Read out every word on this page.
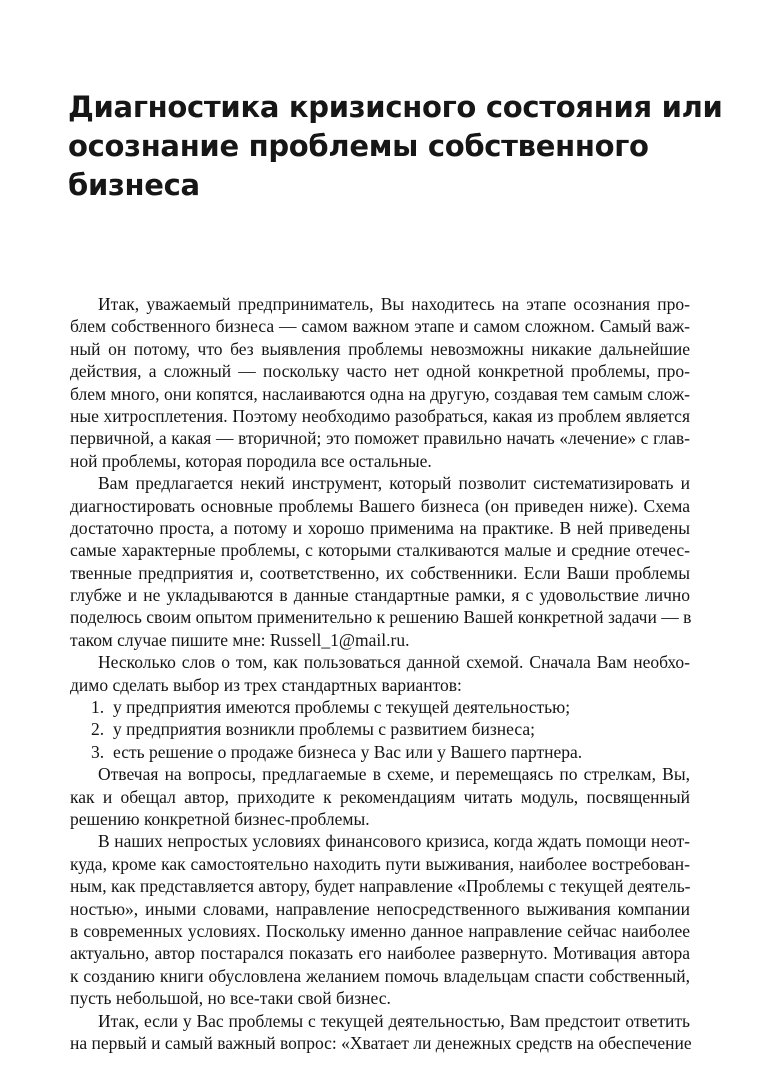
Диагностика кризисного состояния или
осознание проблемы собственного
бизнеса
Итак, уважаемый предприниматель, Вы находитесь на этапе осознания про-
блем собственного бизнеса — самом важном этапе и самом сложном. Самый важ-
ный он потому, что без выявления проблемы невозможны никакие дальнейшие
действия, а сложный — поскольку часто нет одной конкретной проблемы, про-
блем много, они копятся, наслаиваются одна на другую, создавая тем самым слож-
ные хитросплетения. Поэтому необходимо разобраться, какая из проблем является
первичной, а какая — вторичной; это поможет правильно начать «лечение» с глав-
ной проблемы, которая породила все остальные.
Вам предлагается некий инструмент, который позволит систематизировать и
диагностировать основные проблемы Вашего бизнеса (он приведен ниже). Схема
достаточно проста, а потому и хорошо применима на практике. В ней приведены
самые характерные проблемы, с которыми сталкиваются малые и средние отечес-
твенные предприятия и, соответственно, их собственники. Если Ваши проблемы
глубже и не укладываются в данные стандартные рамки, я с удовольствие лично
поделюсь своим опытом применительно к решению Вашей конкретной задачи — в
таком случае пишите мне: Russell_1@mail.ru.
Несколько слов о том, как пользоваться данной схемой. Сначала Вам необхо-
димо сделать выбор из трех стандартных вариантов:
1. у предприятия имеются проблемы с текущей деятельностью;
2. у предприятия возникли проблемы с развитием бизнеса;
3. есть решение о продаже бизнеса у Вас или у Вашего партнера.
Отвечая на вопросы, предлагаемые в схеме, и перемещаясь по стрелкам, Вы,
как и обещал автор, приходите к рекомендациям читать модуль, посвященный
решению конкретной бизнес-проблемы.
В наших непростых условиях финансового кризиса, когда ждать помощи неот-
куда, кроме как самостоятельно находить пути выживания, наиболее востребован-
ным, как представляется автору, будет направление «Проблемы с текущей деятель-
ностью», иными словами, направление непосредственного выживания компании
в современных условиях. Поскольку именно данное направление сейчас наиболее
актуально, автор постарался показать его наиболее развернуто. Мотивация автора
к созданию книги обусловлена желанием помочь владельцам спасти собственный,
пусть небольшой, но все-таки свой бизнес.
Итак, если у Вас проблемы с текущей деятельностью, Вам предстоит ответить
на первый и самый важный вопрос: «Хватает ли денежных средств на обеспечение
